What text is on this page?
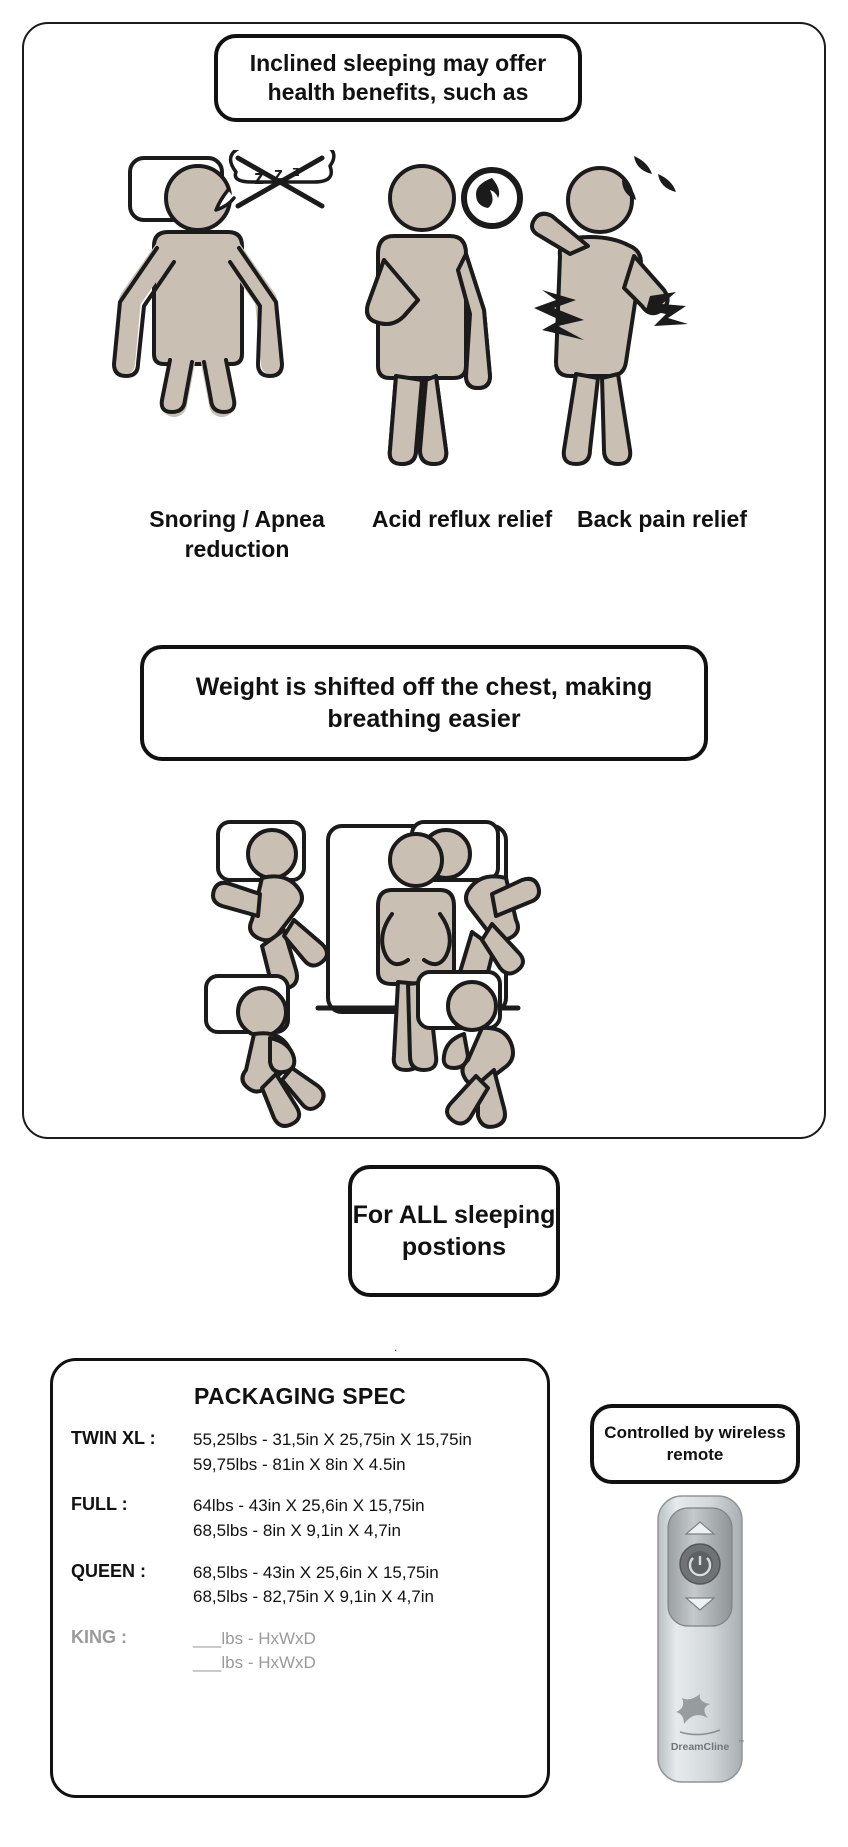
Inclined sleeping may offer health benefits, such as
z z z
Snoring / Apnea reduction
Acid reflux relief	Back pain relief
Weight is shifted off the chest, making breathing easier
For ALL sleeping postions
.
PACKAGING SPEC
TWIN XL :	55,25lbs - 31,5in X 25,75in X 15,75in
59,75lbs - 81in X 8in X 4.5in
FULL :	64lbs - 43in X 25,6in X 15,75in
68,5lbs - 8in X 9,1in X 4,7in
QUEEN :	68,5lbs - 43in X 25,6in X 15,75in
68,5lbs - 82,75in X 9,1in X 4,7in
KING :	___lbs - HxWxD
___lbs - HxWxD
Controlled by wireless remote
DreamCline ™
